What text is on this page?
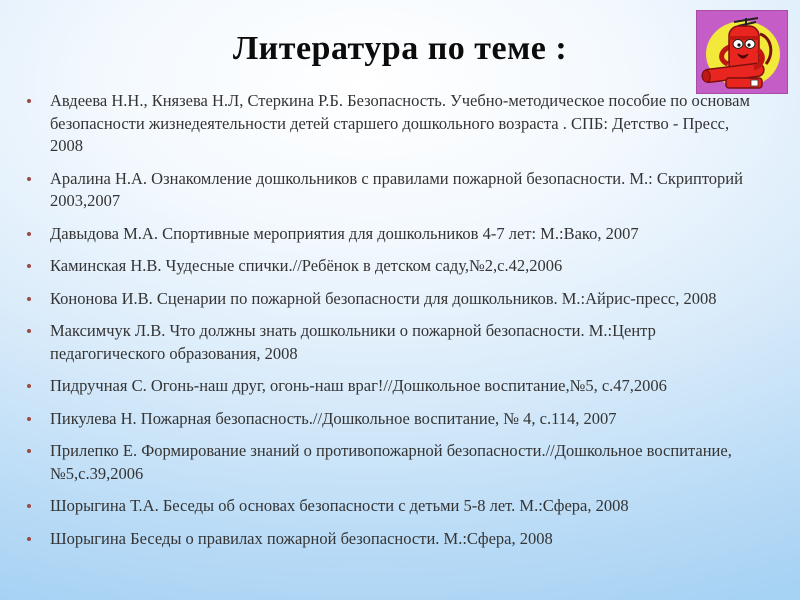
Литература по теме :
Авдеева Н.Н., Князева Н.Л, Стеркина Р.Б. Безопасность. Учебно-методическое пособие по основам безопасности жизнедеятельности детей старшего дошкольного возраста . СПБ: Детство - Пресс, 2008
Аралина Н.А. Ознакомление дошкольников с правилами пожарной безопасности. М.: Скрипторий 2003,2007
Давыдова М.А. Спортивные мероприятия для дошкольников 4-7 лет: М.:Вако, 2007
Каминская Н.В. Чудесные спички.//Ребёнок в детском саду,№2,с.42,2006
Кононова И.В. Сценарии по пожарной безопасности для дошкольников. М.:Айрис-пресс, 2008
Максимчук Л.В. Что должны знать дошкольники о пожарной безопасности. М.:Центр педагогического образования, 2008
Пидручная С. Огонь-наш друг, огонь-наш враг!//Дошкольное воспитание,№5, с.47,2006
Пикулева Н. Пожарная безопасность.//Дошкольное воспитание, № 4, с.114, 2007
Прилепко Е. Формирование знаний о противопожарной безопасности.//Дошкольное воспитание,№5,с.39,2006
Шорыгина Т.А. Беседы об основах безопасности с детьми 5-8 лет. М.:Сфера, 2008
Шорыгина Беседы о правилах пожарной безопасности. М.:Сфера, 2008
